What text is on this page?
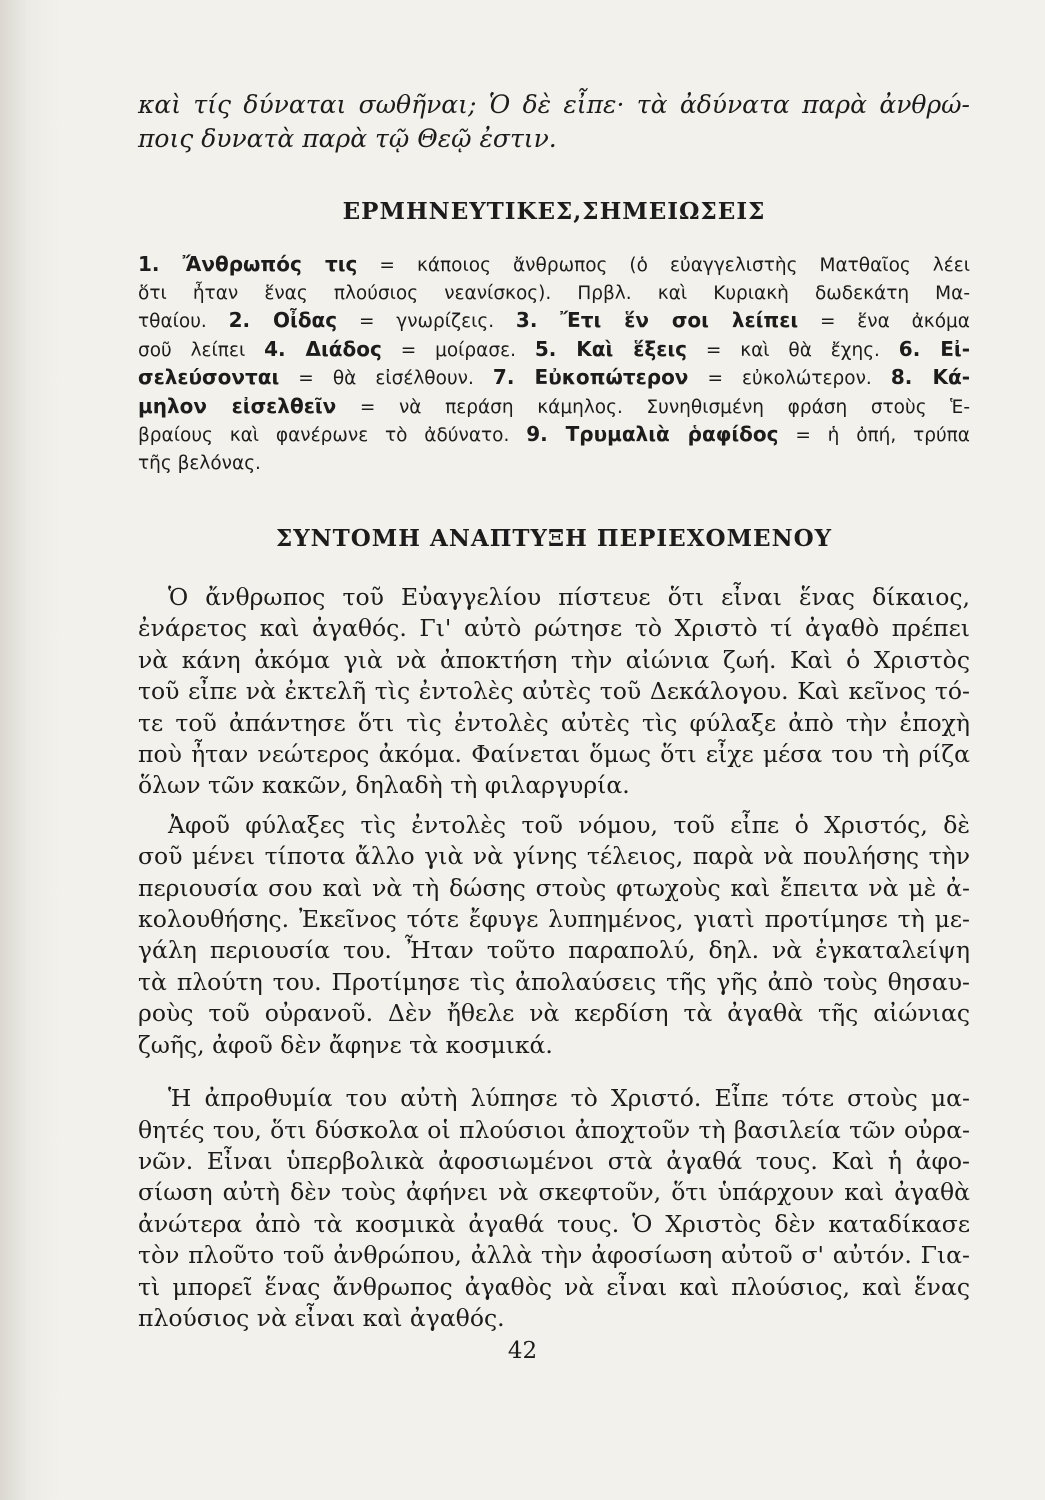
καὶ τίς δύναται σωθῆναι; Ὁ δὲ εἶπε· τὰ ἀδύνατα παρὰ ἀνθρώ-
ποις δυνατὰ παρὰ τῷ Θεῷ ἐστιν.
ΕΡΜΗΝΕΥΤΙΚΕΣ,ΣΗΜΕΙΩΣΕΙΣ

1. Ἄνθρωπός τις = κάποιος ἄνθρωπος (ὁ εὐαγγελιστὴς Ματθαῖος λέει

ὅτι ἦταν ἕνας πλούσιος νεανίσκος). Πρβλ. καὶ Κυριακὴ δωδεκάτη Μα-

τθαίου. 2. Οἶδας = γνωρίζεις. 3. Ἔτι ἕν σοι λείπει = ἕνα ἀκόμα

σοῦ λείπει 4. Διάδος = μοίρασε. 5. Καὶ ἕξεις = καὶ θὰ ἔχης. 6. Εἰ-

σελεύσονται = θὰ εἰσέλθουν. 7. Εὐκοπώτερον = εὐκολώτερον. 8. Κά-

μηλον εἰσελθεῖν = νὰ περάση κάμηλος. Συνηθισμένη φράση στοὺς Ἑ-

βραίους καὶ φανέρωνε τὸ ἀδύνατο. 9. Τρυμαλιὰ ῥαφίδος = ἡ ὀπή, τρύπα

τῆς βελόνας.

ΣΥΝΤΟΜΗ ΑΝΑΠΤΥΞΗ ΠΕΡΙΕΧΟΜΕΝΟΥ
Ὁ ἄνθρωπος τοῦ Εὐαγγελίου πίστευε ὅτι εἶναι ἕνας δίκαιος,
ἐνάρετος καὶ ἀγαθός. Γι' αὐτὸ ρώτησε τὸ Χριστὸ τί ἀγαθὸ πρέπει
νὰ κάνη ἀκόμα γιὰ νὰ ἀποκτήση τὴν αἰώνια ζωή. Καὶ ὁ Χριστὸς
τοῦ εἶπε νὰ ἐκτελῆ τὶς ἐντολὲς αὐτὲς τοῦ Δεκάλογου. Καὶ κεῖνος τό-
τε τοῦ ἀπάντησε ὅτι τὶς ἐντολὲς αὐτὲς τὶς φύλαξε ἀπὸ τὴν ἐποχὴ
ποὺ ἦταν νεώτερος ἀκόμα. Φαίνεται ὅμως ὅτι εἶχε μέσα του τὴ ρίζα
ὅλων τῶν κακῶν, δηλαδὴ τὴ φιλαργυρία.
Ἀφοῦ φύλαξες τὶς ἐντολὲς τοῦ νόμου, τοῦ εἶπε ὁ Χριστός, δὲ
σοῦ μένει τίποτα ἄλλο γιὰ νὰ γίνης τέλειος, παρὰ νὰ πουλήσης τὴν
περιουσία σου καὶ νὰ τὴ δώσης στοὺς φτωχοὺς καὶ ἔπειτα νὰ μὲ ἀ-
κολουθήσης. Ἐκεῖνος τότε ἔφυγε λυπημένος, γιατὶ προτίμησε τὴ με-
γάλη περιουσία του. Ἦταν τοῦτο παραπολύ, δηλ. νὰ ἐγκαταλείψη
τὰ πλούτη του. Προτίμησε τὶς ἀπολαύσεις τῆς γῆς ἀπὸ τοὺς θησαυ-
ροὺς τοῦ οὐρανοῦ. Δὲν ἤθελε νὰ κερδίση τὰ ἀγαθὰ τῆς αἰώνιας
ζωῆς, ἀφοῦ δὲν ἄφηνε τὰ κοσμικά.
Ἡ ἀπροθυμία του αὐτὴ λύπησε τὸ Χριστό. Εἶπε τότε στοὺς μα-
θητές του, ὅτι δύσκολα οἱ πλούσιοι ἀποχτοῦν τὴ βασιλεία τῶν οὐρα-
νῶν. Εἶναι ὑπερβολικὰ ἀφοσιωμένοι στὰ ἀγαθά τους. Καὶ ἡ ἀφο-
σίωση αὐτὴ δὲν τοὺς ἀφήνει νὰ σκεφτοῦν, ὅτι ὑπάρχουν καὶ ἀγαθὰ
ἀνώτερα ἀπὸ τὰ κοσμικὰ ἀγαθά τους. Ὁ Χριστὸς δὲν καταδίκασε
τὸν πλοῦτο τοῦ ἀνθρώπου, ἀλλὰ τὴν ἀφοσίωση αὐτοῦ σ' αὐτόν. Για-
τὶ μπορεῖ ἕνας ἄνθρωπος ἀγαθὸς νὰ εἶναι καὶ πλούσιος, καὶ ἕνας
πλούσιος νὰ εἶναι καὶ ἀγαθός.
42
